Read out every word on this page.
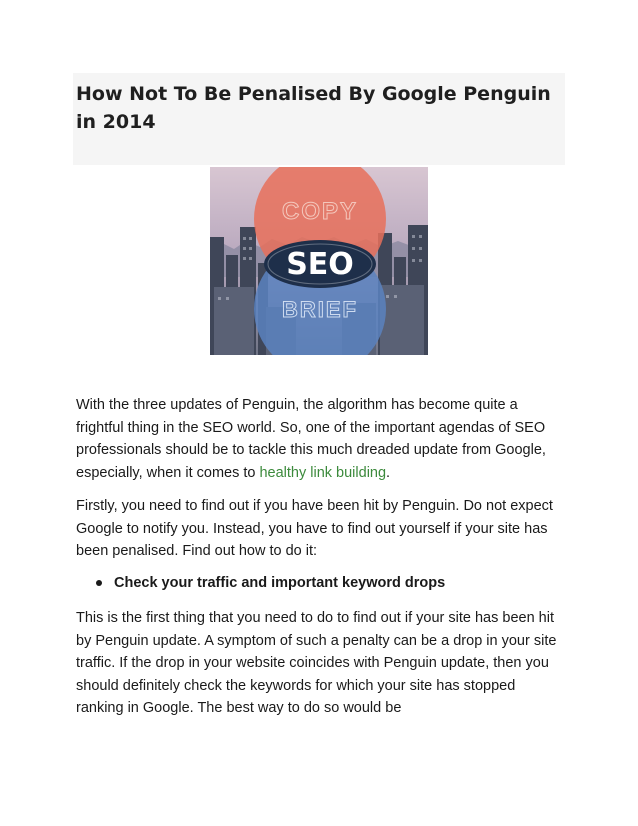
How Not To Be Penalised By Google Penguin in 2014
COPY
SEO
BRIEF

With the three updates of Penguin, the algorithm has become quite a frightful thing in the SEO world. So, one of the important agendas of SEO professionals should be to tackle this much dreaded update from Google, especially, when it comes to healthy link building.

Firstly, you need to find out if you have been hit by Penguin. Do not expect Google to notify you. Instead, you have to find out yourself if your site has been penalised. Find out how to do it:

Check your traffic and important keyword drops

This is the first thing that you need to do to find out if your site has been hit by Penguin update. A symptom of such a penalty can be a drop in your site traffic. If the drop in your website coincides with Penguin update, then you should definitely check the keywords for which your site has stopped ranking in Google. The best way to do so would be
